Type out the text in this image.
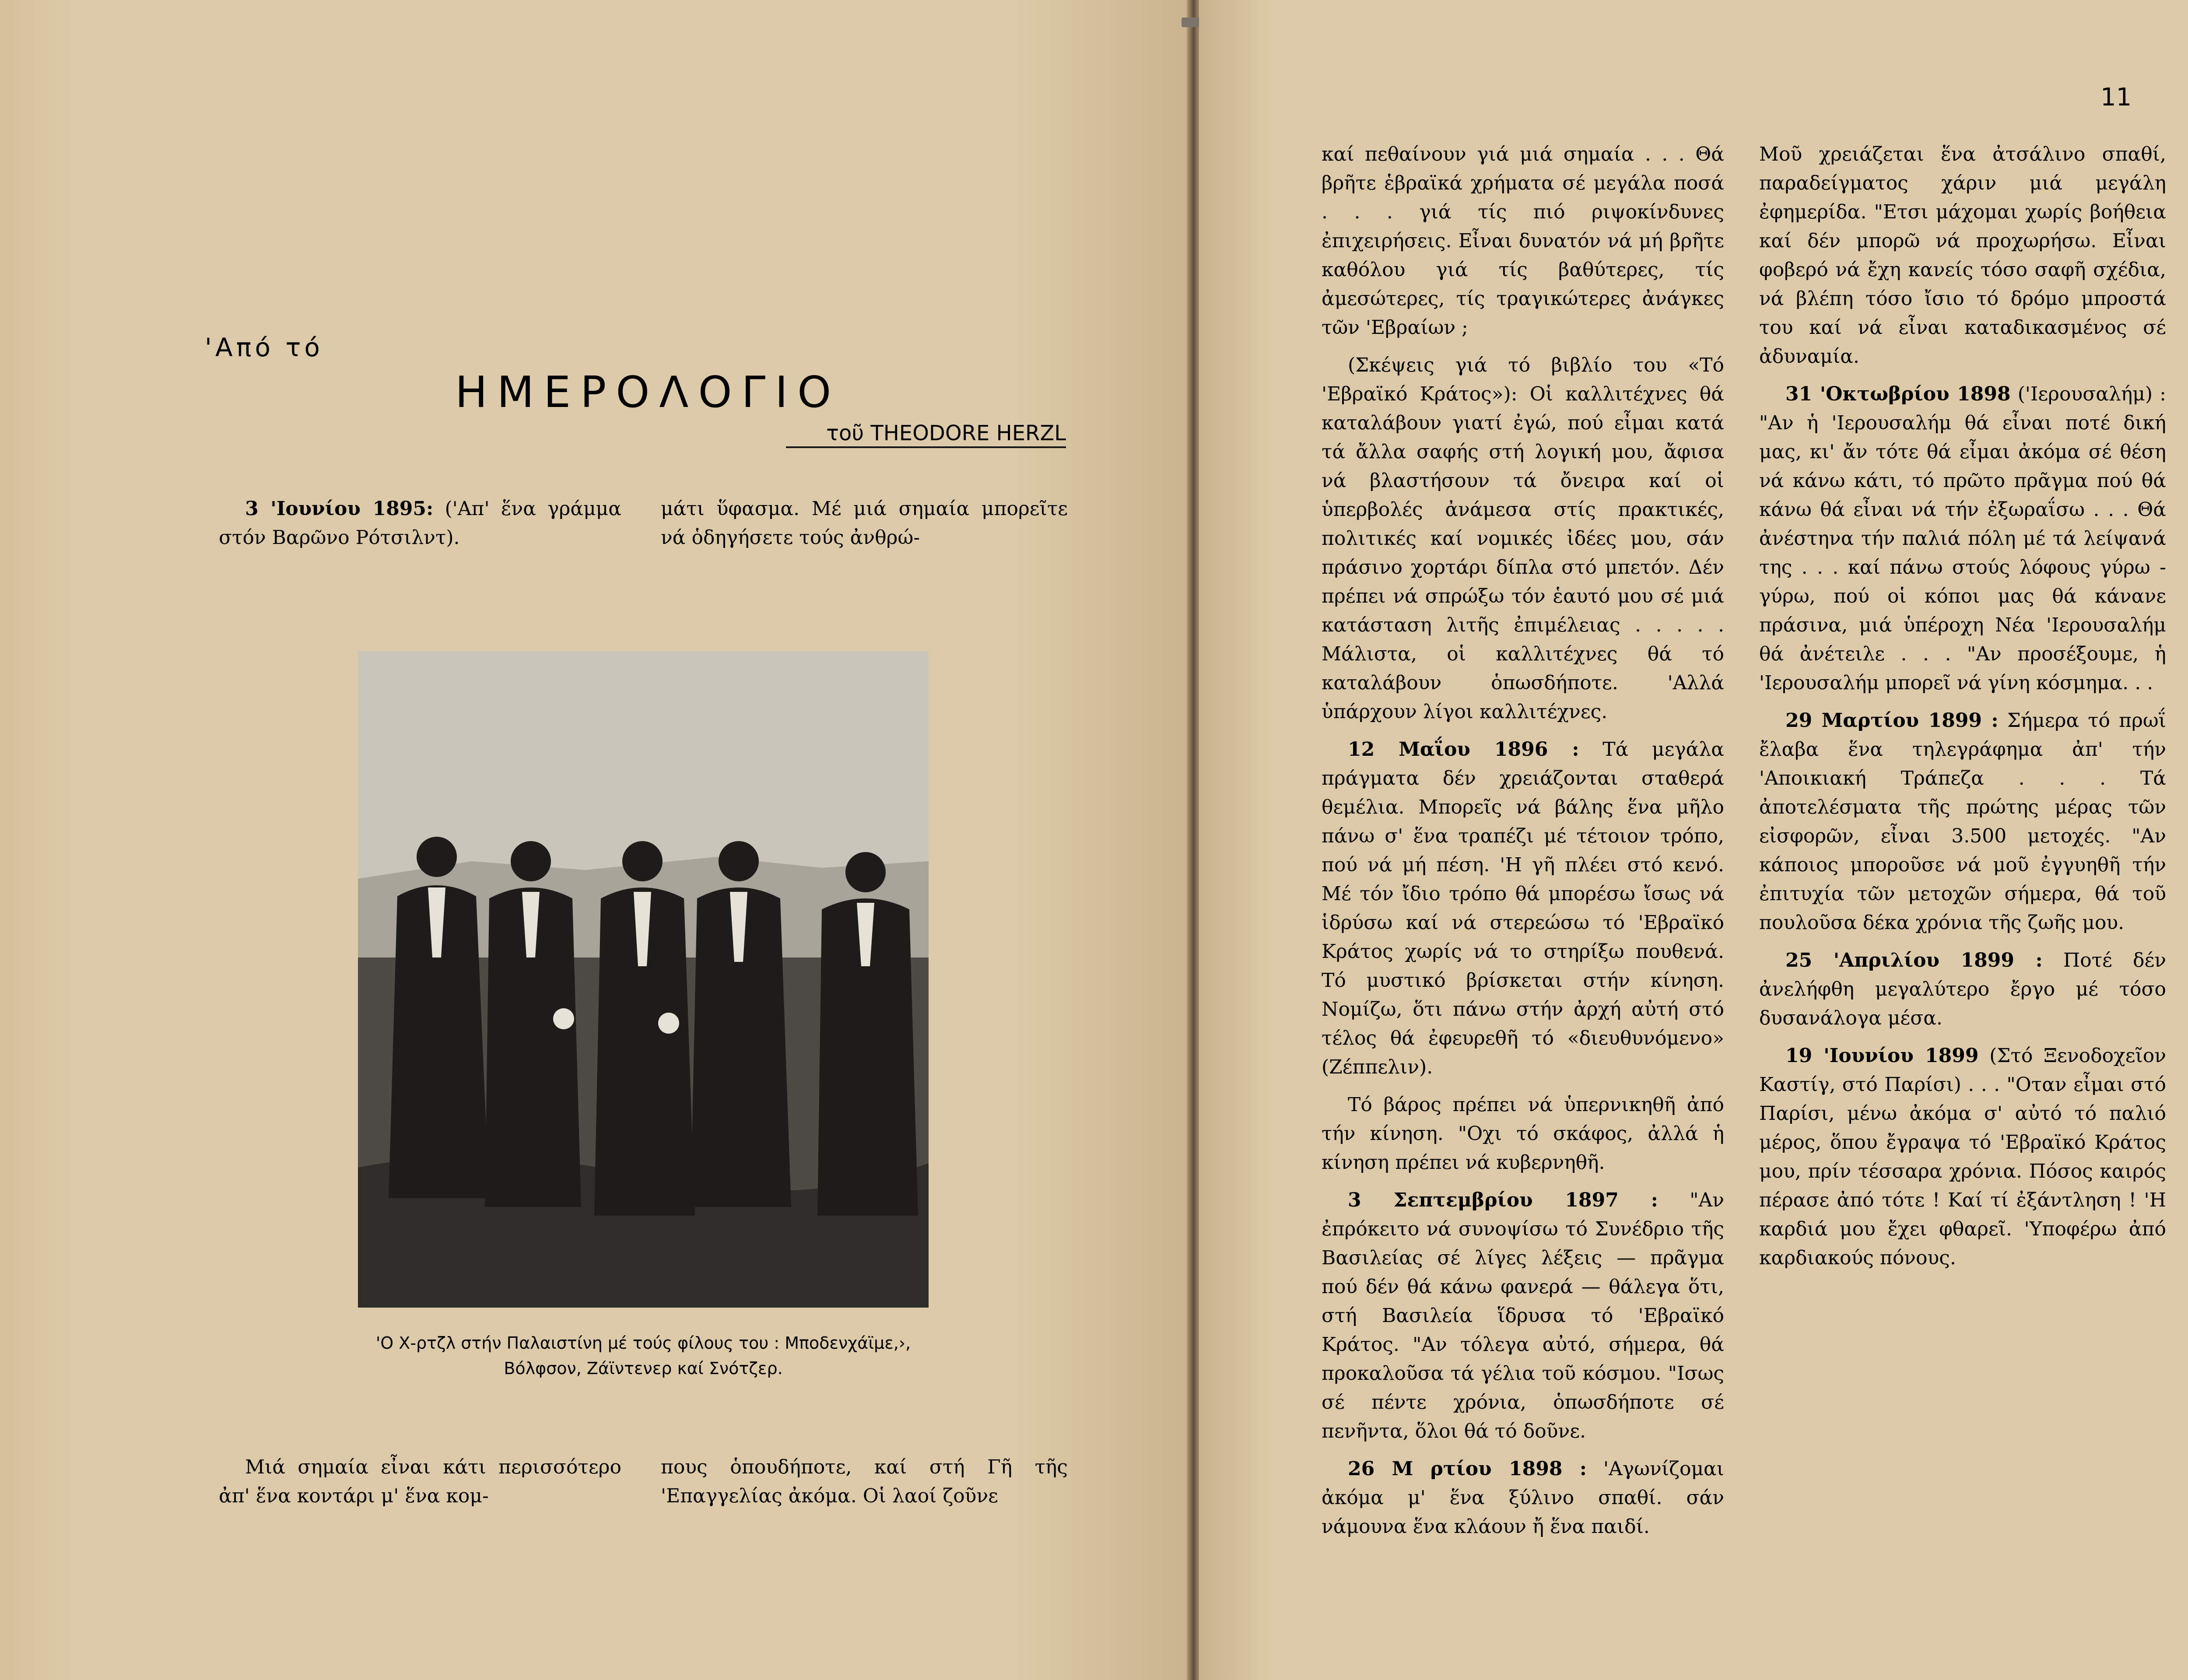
'Από τό
ΗΜΕΡΟΛΟΓΙΟ
τοῦ THEODORE HERZL

3 'Ιουνίου 1895: ('Απ' ἕνα γράμμα στόν Βαρῶνο Ρότσιλντ).

μάτι ὕφασμα. Μέ μιά σημαία μπορεῖτε νά ὁδηγήσετε τούς ἀνθρώ-
'Ο Χ-ρτζλ στήν Παλαιστίνη μέ τούς φίλους του : Μποδενχάϊμε,›, Βόλφσον, Ζάϊντενερ καί Σνότζερ.

Μιά σημαία εἶναι κάτι περισσότερο ἀπ' ἕνα κοντάρι μ' ἕνα κομ-

πους ὁπουδήποτε, καί στή Γῆ τῆς 'Επαγγελίας ἀκόμα. Οἱ λαοί ζοῦνε
11

καί πεθαίνουν γιά μιά σημαία . . . Θά βρῆτε ἑβραϊκά χρήματα σέ μεγάλα ποσά . . . γιά τίς πιό ριψοκίνδυνες ἐπιχειρήσεις. Εἶναι δυνατόν νά μή βρῆτε καθόλου γιά τίς βαθύτερες, τίς ἀμεσώτερες, τίς τραγικώτερες ἀνάγκες τῶν 'Εβραίων ;

(Σκέψεις γιά τό βιβλίο του «Τό 'Εβραϊκό Κράτος»): Οἱ καλλιτέχνες θά καταλάβουν γιατί ἐγώ, πού εἶμαι κατά τά ἄλλα σαφής στή λογική μου, ἄφισα νά βλαστήσουν τά ὄνειρα καί οἱ ὑπερβολές ἀνάμεσα στίς πρακτικές, πολιτικές καί νομικές ἰδέες μου, σάν πράσινο χορτάρι δίπλα στό μπετόν. Δέν πρέπει νά σπρώξω τόν ἑαυτό μου σέ μιά κατάσταση λιτῆς ἐπιμέλειας . . . . . Μάλιστα, οἱ καλλιτέχνες θά τό καταλάβουν ὁπωσδήποτε. 'Αλλά ὑπάρχουν λίγοι καλλιτέχνες.

12 Μαΐου 1896 : Τά μεγάλα πράγματα δέν χρειάζονται σταθερά θεμέλια. Μπορεῖς νά βάλης ἕνα μῆλο πάνω σ' ἕνα τραπέζι μέ τέτοιον τρόπο, πού νά μή πέση. 'Η γῆ πλέει στό κενό. Μέ τόν ἴδιο τρόπο θά μπορέσω ἴσως νά ἱδρύσω καί νά στερεώσω τό 'Εβραϊκό Κράτος χωρίς νά το στηρίξω πουθενά. Τό μυστικό βρίσκεται στήν κίνηση. Νομίζω, ὅτι πάνω στήν ἀρχή αὐτή στό τέλος θά ἐφευρεθῆ τό «διευθυνόμενο» (Ζέππελιν).

Τό βάρος πρέπει νά ὑπερνικηθῆ ἀπό τήν κίνηση. "Οχι τό σκάφος, ἀλλά ἡ κίνηση πρέπει νά κυβερνηθῆ.

3 Σεπτεμβρίου 1897 : "Αν ἐπρόκειτο νά συνοψίσω τό Συνέδριο τῆς Βασιλείας σέ λίγες λέξεις — πρᾶγμα πού δέν θά κάνω φανερά — θάλεγα ὅτι, στή Βασιλεία ἵδρυσα τό 'Εβραϊκό Κράτος. "Αν τόλεγα αὐτό, σήμερα, θά προκαλοῦσα τά γέλια τοῦ κόσμου. "Ισως σέ πέντε χρόνια, ὁπωσδήποτε σέ πενῆντα, ὅλοι θά τό δοῦνε.

26 Μ ρτίου 1898 : 'Αγωνίζομαι ἀκόμα μ' ἕνα ξύλινο σπαθί. σάν νάμουνα ἕνα κλάουν ἤ ἕνα παιδί.

Μοῦ χρειάζεται ἕνα ἀτσάλινο σπαθί, παραδείγματος χάριν μιά μεγάλη ἐφημερίδα. "Ετσι μάχομαι χωρίς βοήθεια καί δέν μπορῶ νά προχωρήσω. Εἶναι φοβερό νά ἔχη κανείς τόσο σαφῆ σχέδια, νά βλέπη τόσο ἴσιο τό δρόμο μπροστά του καί νά εἶναι καταδικασμένος σέ ἀδυναμία.

31 'Οκτωβρίου 1898 ('Ιερουσαλήμ) : "Αν ἡ 'Ιερουσαλήμ θά εἶναι ποτέ δική μας, κι' ἄν τότε θά εἶμαι ἀκόμα σέ θέση νά κάνω κάτι, τό πρῶτο πρᾶγμα πού θά κάνω θά εἶναι νά τήν ἐξωραΐσω . . . Θά ἀνέστηνα τήν παλιά πόλη μέ τά λείψανά της . . . καί πάνω στούς λόφους γύρω - γύρω, πού οἱ κόποι μας θά κάνανε πράσινα, μιά ὑπέροχη Νέα 'Ιερουσαλήμ θά ἀνέτειλε . . . "Αν προσέξουμε, ἡ 'Ιερουσαλήμ μπορεῖ νά γίνη κόσμημα. . .

29 Μαρτίου 1899 : Σήμερα τό πρωΐ ἔλαβα ἕνα τηλεγράφημα ἀπ' τήν 'Αποικιακή Τράπεζα . . . Τά ἀποτελέσματα τῆς πρώτης μέρας τῶν εἰσφορῶν, εἶναι 3.500 μετοχές. "Αν κάποιος μποροῦσε νά μοῦ ἐγγυηθῆ τήν ἐπιτυχία τῶν μετοχῶν σήμερα, θά τοῦ πουλοῦσα δέκα χρόνια τῆς ζωῆς μου.

25 'Απριλίου 1899 : Ποτέ δέν ἀνελήφθη μεγαλύτερο ἔργο μέ τόσο δυσανάλογα μέσα.

19 'Ιουνίου 1899 (Στό Ξενοδοχεῖον Καστίγ, στό Παρίσι) . . . "Οταν εἶμαι στό Παρίσι, μένω ἀκόμα σ' αὐτό τό παλιό μέρος, ὅπου ἔγραψα τό 'Εβραϊκό Κράτος μου, πρίν τέσσαρα χρόνια. Πόσος καιρός πέρασε ἀπό τότε ! Καί τί ἐξάντληση ! 'Η καρδιά μου ἔχει φθαρεῖ. 'Υποφέρω ἀπό καρδιακούς πόνους.
